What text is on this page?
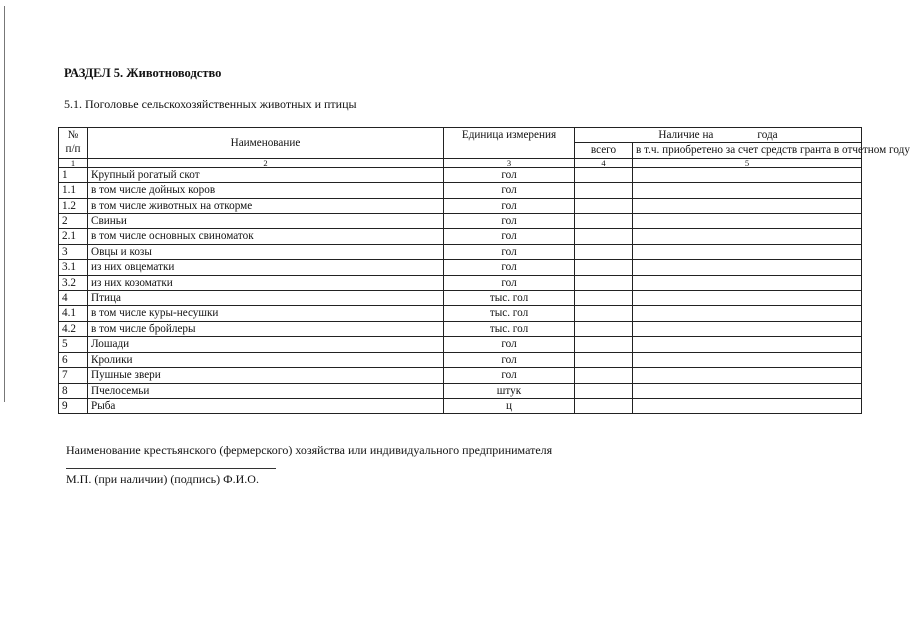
РАЗДЕЛ 5. Животноводство
5.1. Поголовье сельскохозяйственных животных и птицы
№
п/п	Наименование	Единица измерения	Наличие на года	
			всего	в т.ч. приобретено за счет средств гранта в отчетном году
1	2	3	4	5
1	Крупный рогатый скот	гол		
1.1	в том числе дойных коров	гол		
1.2	в том числе животных на откорме	гол		
2	Свиньи	гол		
2.1	в том числе основных свиноматок	гол		
3	Овцы и козы	гол		
3.1	из них овцематки	гол		
3.2	из них козоматки	гол		
4	Птица	тыс. гол		
4.1	в том числе куры-несушки	тыс. гол		
4.2	в том числе бройлеры	тыс. гол		
5	Лошади	гол		
6	Кролики	гол		
7	Пушные звери	гол		
8	Пчелосемьи	штук		
9	Рыба	ц		
Наименование крестьянского (фермерского) хозяйства или индивидуального предпринимателя
М.П. (при наличии) (подпись) Ф.И.О.
